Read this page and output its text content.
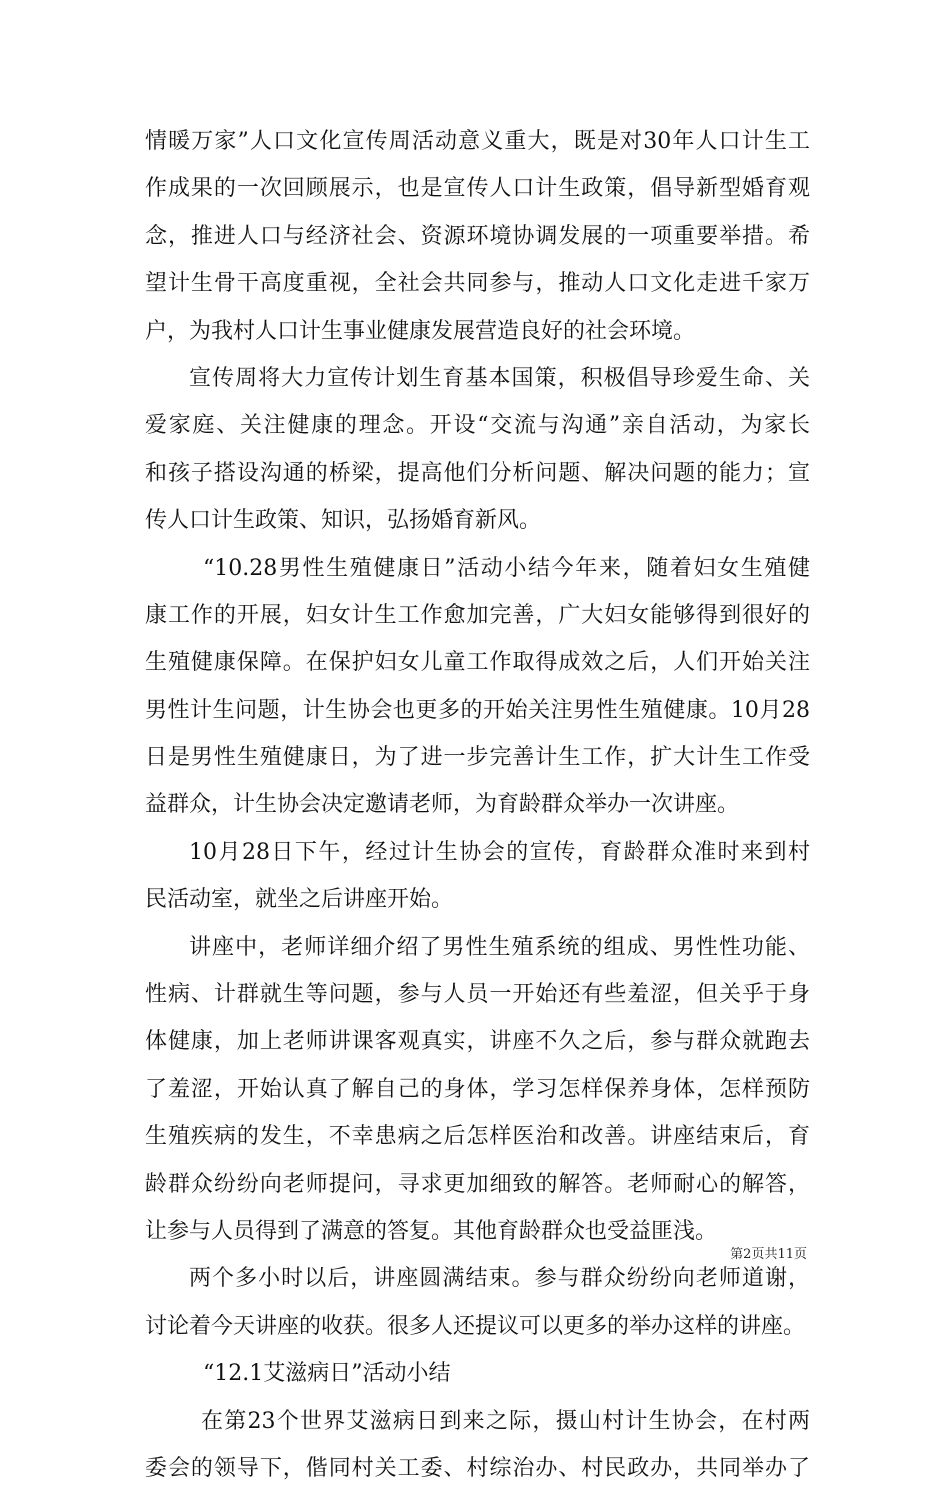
情暖万家”人口文化宣传周活动意义重大，既是对30年人口计生工
作成果的一次回顾展示，也是宣传人口计生政策，倡导新型婚育观
念，推进人口与经济社会、资源环境协调发展的一项重要举措。希
望计生骨干高度重视，全社会共同参与，推动人口文化走进千家万
户，为我村人口计生事业健康发展营造良好的社会环境。
宣传周将大力宣传计划生育基本国策，积极倡导珍爱生命、关
爱家庭、关注健康的理念。开设“交流与沟通”亲自活动，为家长
和孩子搭设沟通的桥梁，提高他们分析问题、解决问题的能力；宣
传人口计生政策、知识，弘扬婚育新风。
“10.28男性生殖健康日”活动小结今年来，随着妇女生殖健
康工作的开展，妇女计生工作愈加完善，广大妇女能够得到很好的
生殖健康保障。在保护妇女儿童工作取得成效之后，人们开始关注
男性计生问题，计生协会也更多的开始关注男性生殖健康。10月28
日是男性生殖健康日，为了进一步完善计生工作，扩大计生工作受
益群众，计生协会决定邀请老师，为育龄群众举办一次讲座。
10月28日下午，经过计生协会的宣传，育龄群众准时来到村
民活动室，就坐之后讲座开始。
讲座中，老师详细介绍了男性生殖系统的组成、男性性功能、
性病、计群就生等问题，参与人员一开始还有些羞涩，但关乎于身
体健康，加上老师讲课客观真实，讲座不久之后，参与群众就跑去
了羞涩，开始认真了解自己的身体，学习怎样保养身体，怎样预防
生殖疾病的发生，不幸患病之后怎样医治和改善。讲座结束后，育
龄群众纷纷向老师提问，寻求更加细致的解答。老师耐心的解答，
让参与人员得到了满意的答复。其他育龄群众也受益匪浅。
两个多小时以后，讲座圆满结束。参与群众纷纷向老师道谢，
讨论着今天讲座的收获。很多人还提议可以更多的举办这样的讲座。
“12.1艾滋病日”活动小结
在第23个世界艾滋病日到来之际，摄山村计生协会，在村两
委会的领导下，偕同村关工委、村综治办、村民政办，共同举办了
第2页共11页
